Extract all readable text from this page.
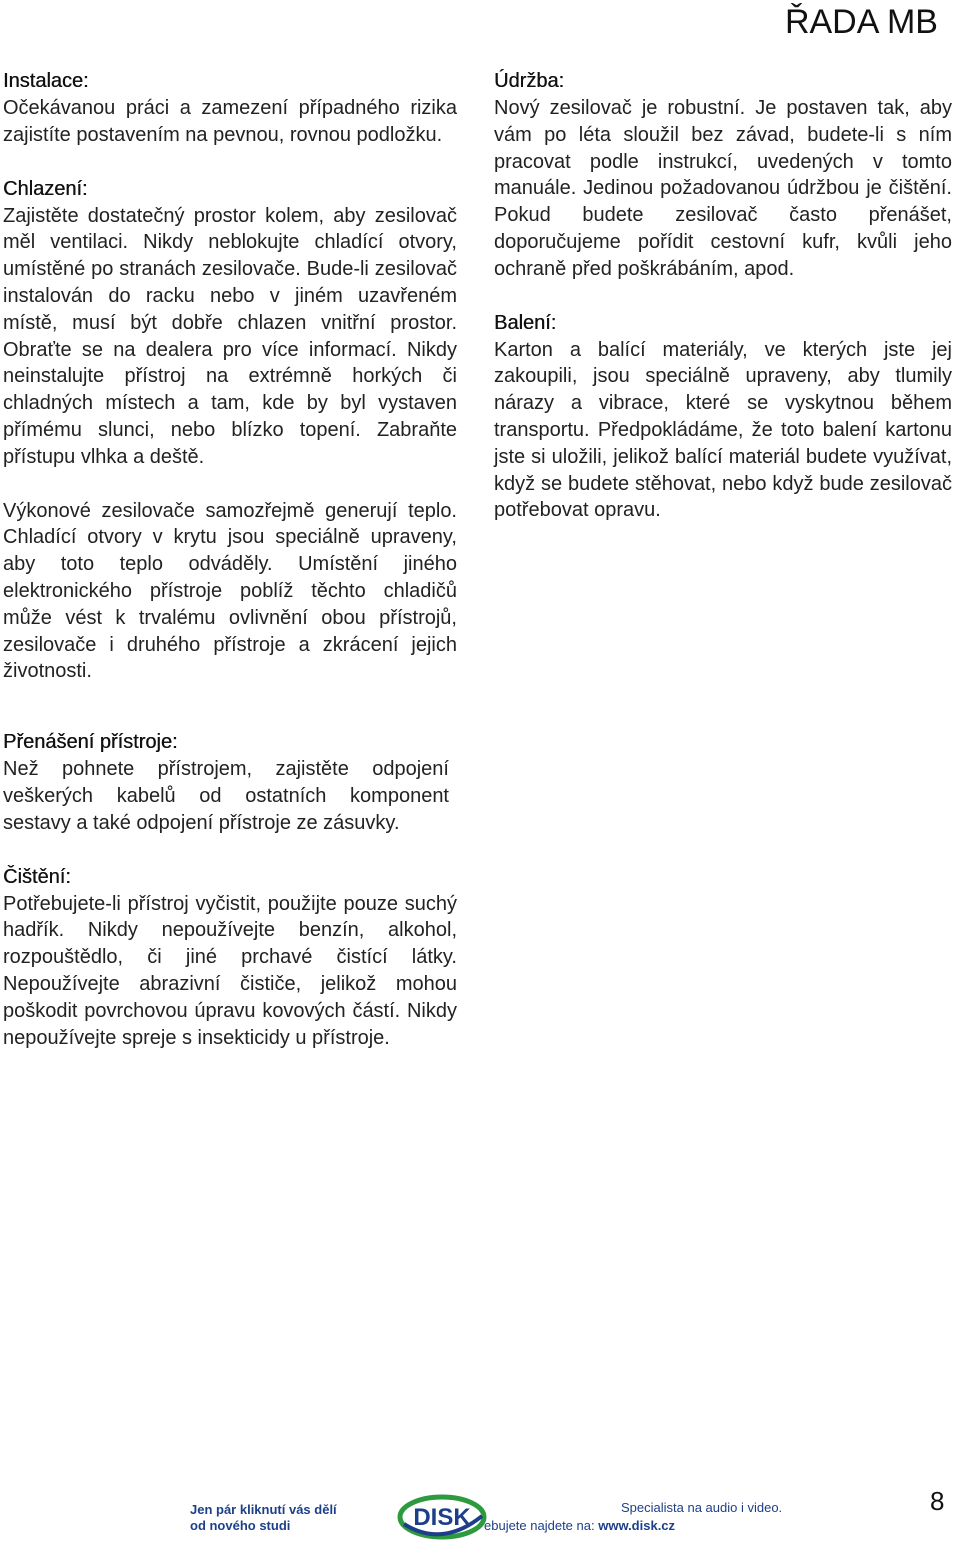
ŘADA MB
Instalace:
Očekávanou práci a zamezení případného rizika zajistíte postavením na pevnou, rovnou podložku.
Chlazení:
Zajistěte dostatečný prostor kolem, aby zesilovač měl ventilaci. Nikdy neblokujte chladící otvory, umístěné po stranách zesilovače. Bude-li zesilovač instalován do racku nebo v jiném uzavřeném místě, musí být dobře chlazen vnitřní prostor. Obraťte se na dealera pro více informací. Nikdy neinstalujte přístroj na extrémně horkých či chladných místech a tam, kde by byl vystaven přímému slunci, nebo blízko topení. Zabraňte přístupu vlhka a deště.
Výkonové zesilovače samozřejmě generují teplo. Chladící otvory v krytu jsou speciálně upraveny, aby toto teplo odváděly. Umístění jiného elektronického přístroje poblíž těchto chladičů může vést k trvalému ovlivnění obou přístrojů, zesilovače i druhého přístroje a zkrácení jejich životnosti.
Přenášení přístroje:
Než pohnete přístrojem, zajistěte odpojení veškerých kabelů od ostatních komponent sestavy a také odpojení přístroje ze zásuvky.
Čištění:
Potřebujete-li přístroj vyčistit, použijte pouze suchý hadřík. Nikdy nepoužívejte benzín, alkohol, rozpouštědlo, či jiné prchavé čistící látky. Nepoužívejte abrazivní čističe, jelikož mohou poškodit povrchovou úpravu kovových částí. Nikdy nepoužívejte spreje s insekticidy u přístroje.
Údržba:
Nový zesilovač je robustní. Je postaven tak, aby vám po léta sloužil bez závad, budete-li s ním pracovat podle instrukcí, uvedených v tomto manuále. Jedinou požadovanou údržbou je čištění. Pokud budete zesilovač často přenášet, doporučujeme pořídit cestovní kufr, kvůli jeho ochraně před poškrábáním, apod.
Balení:
Karton a balící materiály, ve kterých jste jej zakoupili, jsou speciálně upraveny, aby tlumily nárazy a vibrace, které se vyskytnou během transportu. Předpokládáme, že toto balení kartonu jste si uložili, jelikož balící materiál budete využívat, když se budete stěhovat, nebo když bude zesilovač potřebovat opravu.
Jen pár kliknutí vás dělí
od nového studi	ebujete najdete na: www.disk.cz
Specialista na audio i video.
DISK
8
